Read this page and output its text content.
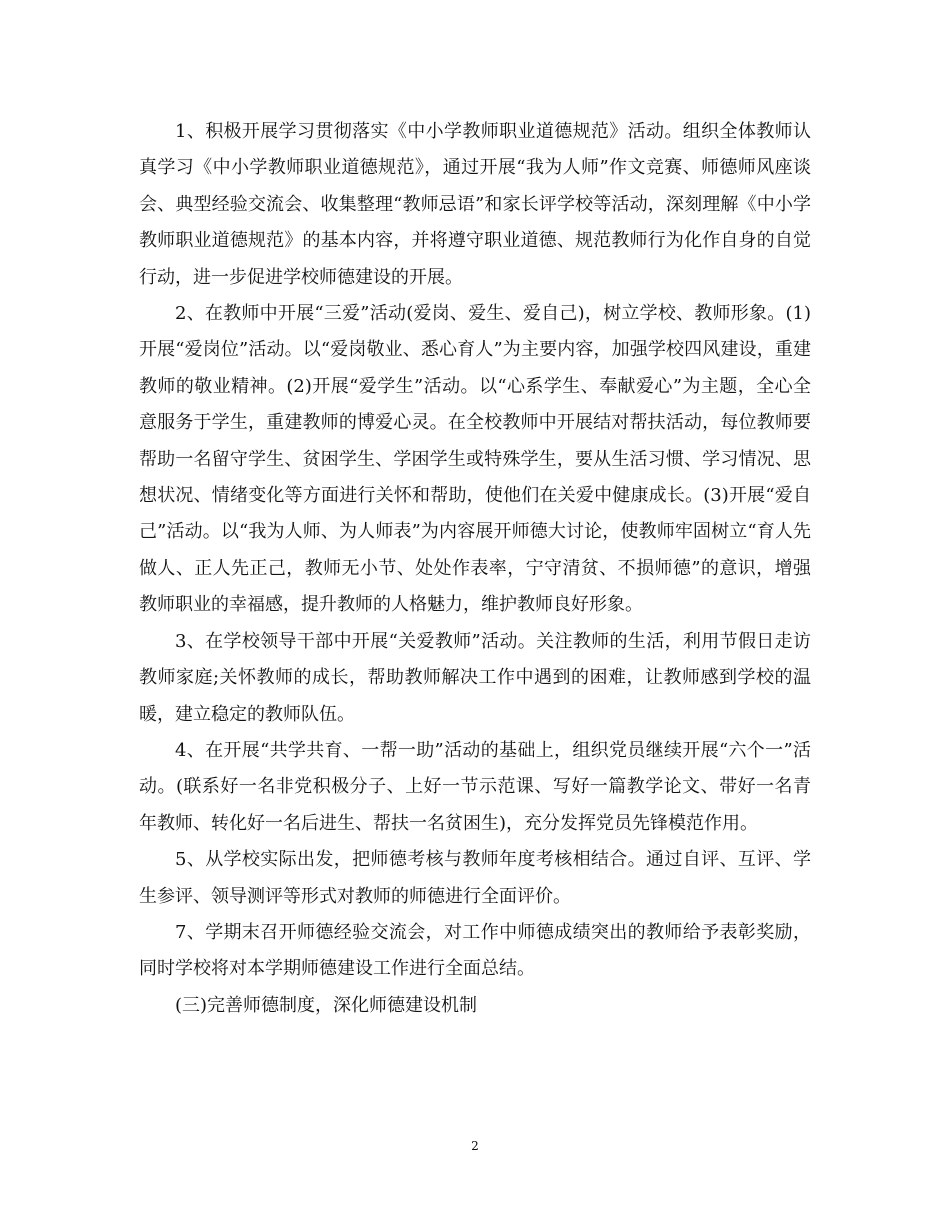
1、积极开展学习贯彻落实《中小学教师职业道德规范》活动。组织全体教师认真学习《中小学教师职业道德规范》，通过开展“我为人师”作文竞赛、师德师风座谈会、典型经验交流会、收集整理“教师忌语”和家长评学校等活动，深刻理解《中小学教师职业道德规范》的基本内容，并将遵守职业道德、规范教师行为化作自身的自觉行动，进一步促进学校师德建设的开展。

2、在教师中开展“三爱”活动(爱岗、爱生、爱自己)，树立学校、教师形象。(1)开展“爱岗位”活动。以“爱岗敬业、悉心育人”为主要内容，加强学校四风建设，重建教师的敬业精神。(2)开展“爱学生”活动。以“心系学生、奉献爱心”为主题，全心全意服务于学生，重建教师的博爱心灵。在全校教师中开展结对帮扶活动，每位教师要帮助一名留守学生、贫困学生、学困学生或特殊学生，要从生活习惯、学习情况、思想状况、情绪变化等方面进行关怀和帮助，使他们在关爱中健康成长。(3)开展“爱自己”活动。以“我为人师、为人师表”为内容展开师德大讨论，使教师牢固树立“育人先做人、正人先正己，教师无小节、处处作表率，宁守清贫、不损师德”的意识，增强教师职业的幸福感，提升教师的人格魅力，维护教师良好形象。

3、在学校领导干部中开展“关爱教师”活动。关注教师的生活，利用节假日走访教师家庭;关怀教师的成长，帮助教师解决工作中遇到的困难，让教师感到学校的温暖，建立稳定的教师队伍。

4、在开展“共学共育、一帮一助”活动的基础上，组织党员继续开展“六个一”活动。(联系好一名非党积极分子、上好一节示范课、写好一篇教学论文、带好一名青年教师、转化好一名后进生、帮扶一名贫困生)，充分发挥党员先锋模范作用。

5、从学校实际出发，把师德考核与教师年度考核相结合。通过自评、互评、学生参评、领导测评等形式对教师的师德进行全面评价。

7、学期末召开师德经验交流会，对工作中师德成绩突出的教师给予表彰奖励，同时学校将对本学期师德建设工作进行全面总结。

(三)完善师德制度，深化师德建设机制

2
